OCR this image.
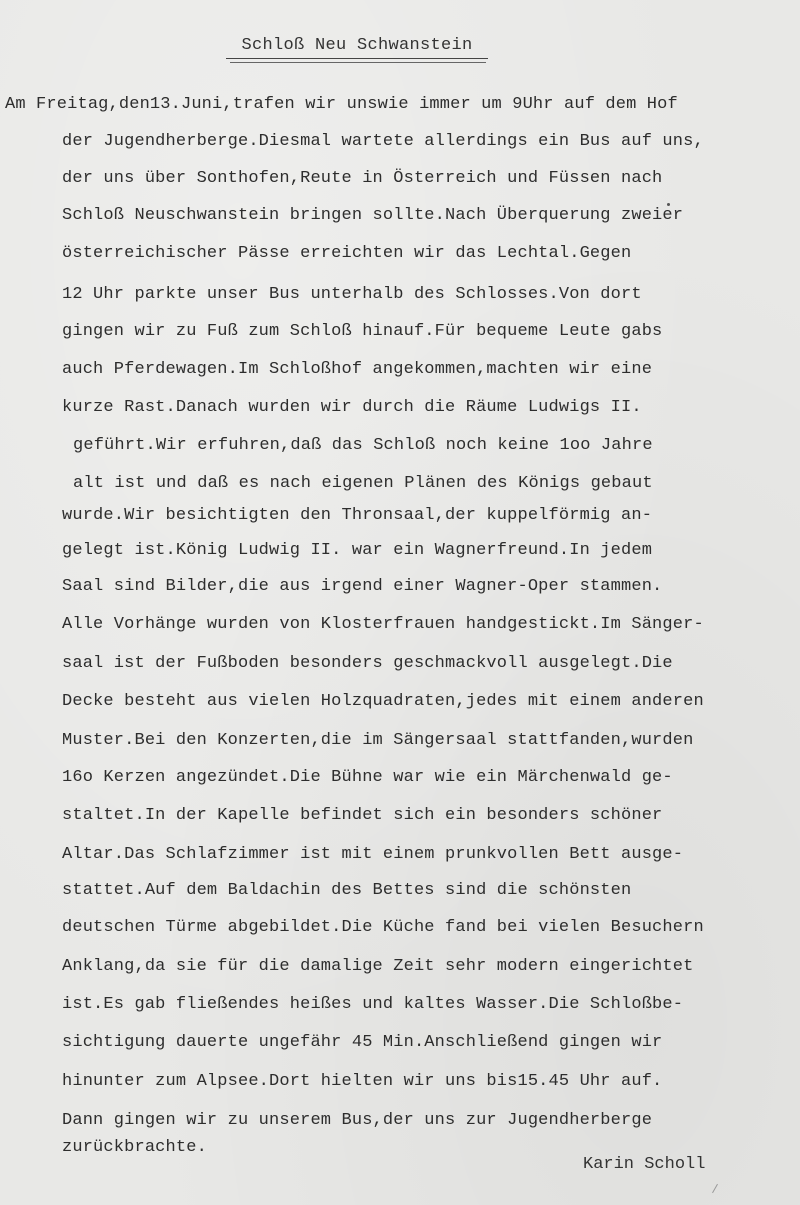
Schloß Neu Schwanstein
Am Freitag,den13.Juni,trafen wir unswie immer um 9Uhr auf dem Hof
der Jugendherberge.Diesmal wartete allerdings ein Bus auf uns,
der uns über Sonthofen,Reute in Österreich und Füssen nach
Schloß Neuschwanstein bringen sollte.Nach Überquerung zweier
österreichischer Pässe erreichten wir das Lechtal.Gegen
12 Uhr parkte unser Bus unterhalb des Schlosses.Von dort
gingen wir zu Fuß zum Schloß hinauf.Für bequeme Leute gabs
auch Pferdewagen.Im Schloßhof angekommen,machten wir eine
kurze Rast.Danach wurden wir durch die Räume Ludwigs II.
geführt.Wir erfuhren,daß das Schloß noch keine 1oo Jahre
alt ist und daß es nach eigenen Plänen des Königs gebaut
wurde.Wir besichtigten den Thronsaal,der kuppelförmig an-
gelegt ist.König Ludwig II. war ein Wagnerfreund.In jedem
Saal sind Bilder,die aus irgend einer Wagner-Oper stammen.
Alle Vorhänge wurden von Klosterfrauen handgestickt.Im Sänger-
saal ist der Fußboden besonders geschmackvoll ausgelegt.Die
Decke besteht aus vielen Holzquadraten,jedes mit einem anderen
Muster.Bei den Konzerten,die im Sängersaal stattfanden,wurden
16o Kerzen angezündet.Die Bühne war wie ein Märchenwald ge-
staltet.In der Kapelle befindet sich ein besonders schöner
Altar.Das Schlafzimmer ist mit einem prunkvollen Bett ausge-
stattet.Auf dem Baldachin des Bettes sind die schönsten
deutschen Türme abgebildet.Die Küche fand bei vielen Besuchern
Anklang,da sie für die damalige Zeit sehr modern eingerichtet
ist.Es gab fließendes heißes und kaltes Wasser.Die Schloßbe-
sichtigung dauerte ungefähr 45 Min.Anschließend gingen wir
hinunter zum Alpsee.Dort hielten wir uns bis15.45 Uhr auf.
Dann gingen wir zu unserem Bus,der uns zur Jugendherberge
zurückbrachte.
Karin Scholl
